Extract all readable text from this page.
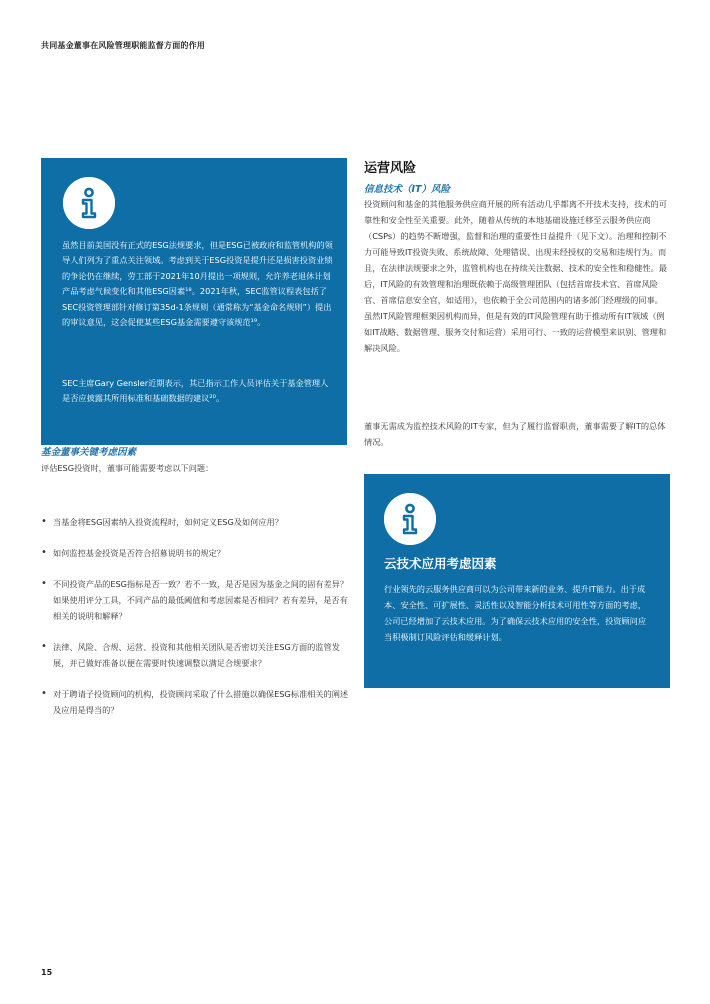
共同基金董事在风险管理职能监督方面的作用

虽然目前美国没有正式的ESG法规要求，但是ESG已被政府和监管机构的领导人们列为了重点关注领域。考虑到关于ESG投资是提升还是损害投资业绩的争论仍在继续，劳工部于2021年10月提出一项规则，允许养老退休计划产品考虑气候变化和其他ESG因素¹⁸。2021年秋，SEC监管议程表包括了SEC投资管理部针对修订第35d-1条规则（通常称为“基金命名规则”）提出的审议意见，这会促使某些ESG基金需要遵守该规范¹⁹。

SEC主席Gary Gensler近期表示，其已指示工作人员评估关于基金管理人是否应披露其所用标准和基础数据的建议²⁰。

运营风险
信息技术（IT）风险

投资顾问和基金的其他服务供应商开展的所有活动几乎都离不开技术支持，技术的可靠性和安全性至关重要。此外，随着从传统的本地基础设施迁移至云服务供应商（CSPs）的趋势不断增强，监督和治理的重要性日益提升（见下文）。治理和控制不力可能导致IT投资失败、系统故障、处理错误、出现未经授权的交易和违规行为。而且，在法律法规要求之外，监管机构也在持续关注数据、技术的安全性和稳健性。最后，IT风险的有效管理和治理既依赖于高级管理团队（包括首席技术官、首席风险官、首席信息安全官，如适用），也依赖于全公司范围内的诸多部门经理级的同事。虽然IT风险管理框架因机构而异，但是有效的IT风险管理有助于推动所有IT领域（例如IT战略、数据管理、服务交付和运营）采用可行、一致的运营模型来识别、管理和解决风险。

董事无需成为监控技术风险的IT专家，但为了履行监督职责，董事需要了解IT的总体情况。

基金董事关键考虑因素

评估ESG投资时，董事可能需要考虑以下问题：

• 当基金将ESG因素纳入投资流程时，如何定义ESG及如何应用？
• 如何监控基金投资是否符合招募说明书的规定？
• 不同投资产品的ESG指标是否一致？若不一致，是否是因为基金之间的固有差异？如果使用评分工具，不同产品的最低阈值和考虑因素是否相同？若有差异，是否有相关的说明和解释？
• 法律、风险、合规、运营、投资和其他相关团队是否密切关注ESG方面的监管发展，并已做好准备以便在需要时快速调整以满足合规要求？
• 对于聘请子投资顾问的机构，投资顾问采取了什么措施以确保ESG标准相关的阐述及应用是得当的？
云技术应用考虑因素

行业领先的云服务供应商可以为公司带来新的业务、提升IT能力。出于成本、安全性、可扩展性、灵活性以及智能分析技术可用性等方面的考虑，公司已经增加了云技术应用。为了确保云技术应用的安全性，投资顾问应当积极制订风险评估和缓释计划。

15
